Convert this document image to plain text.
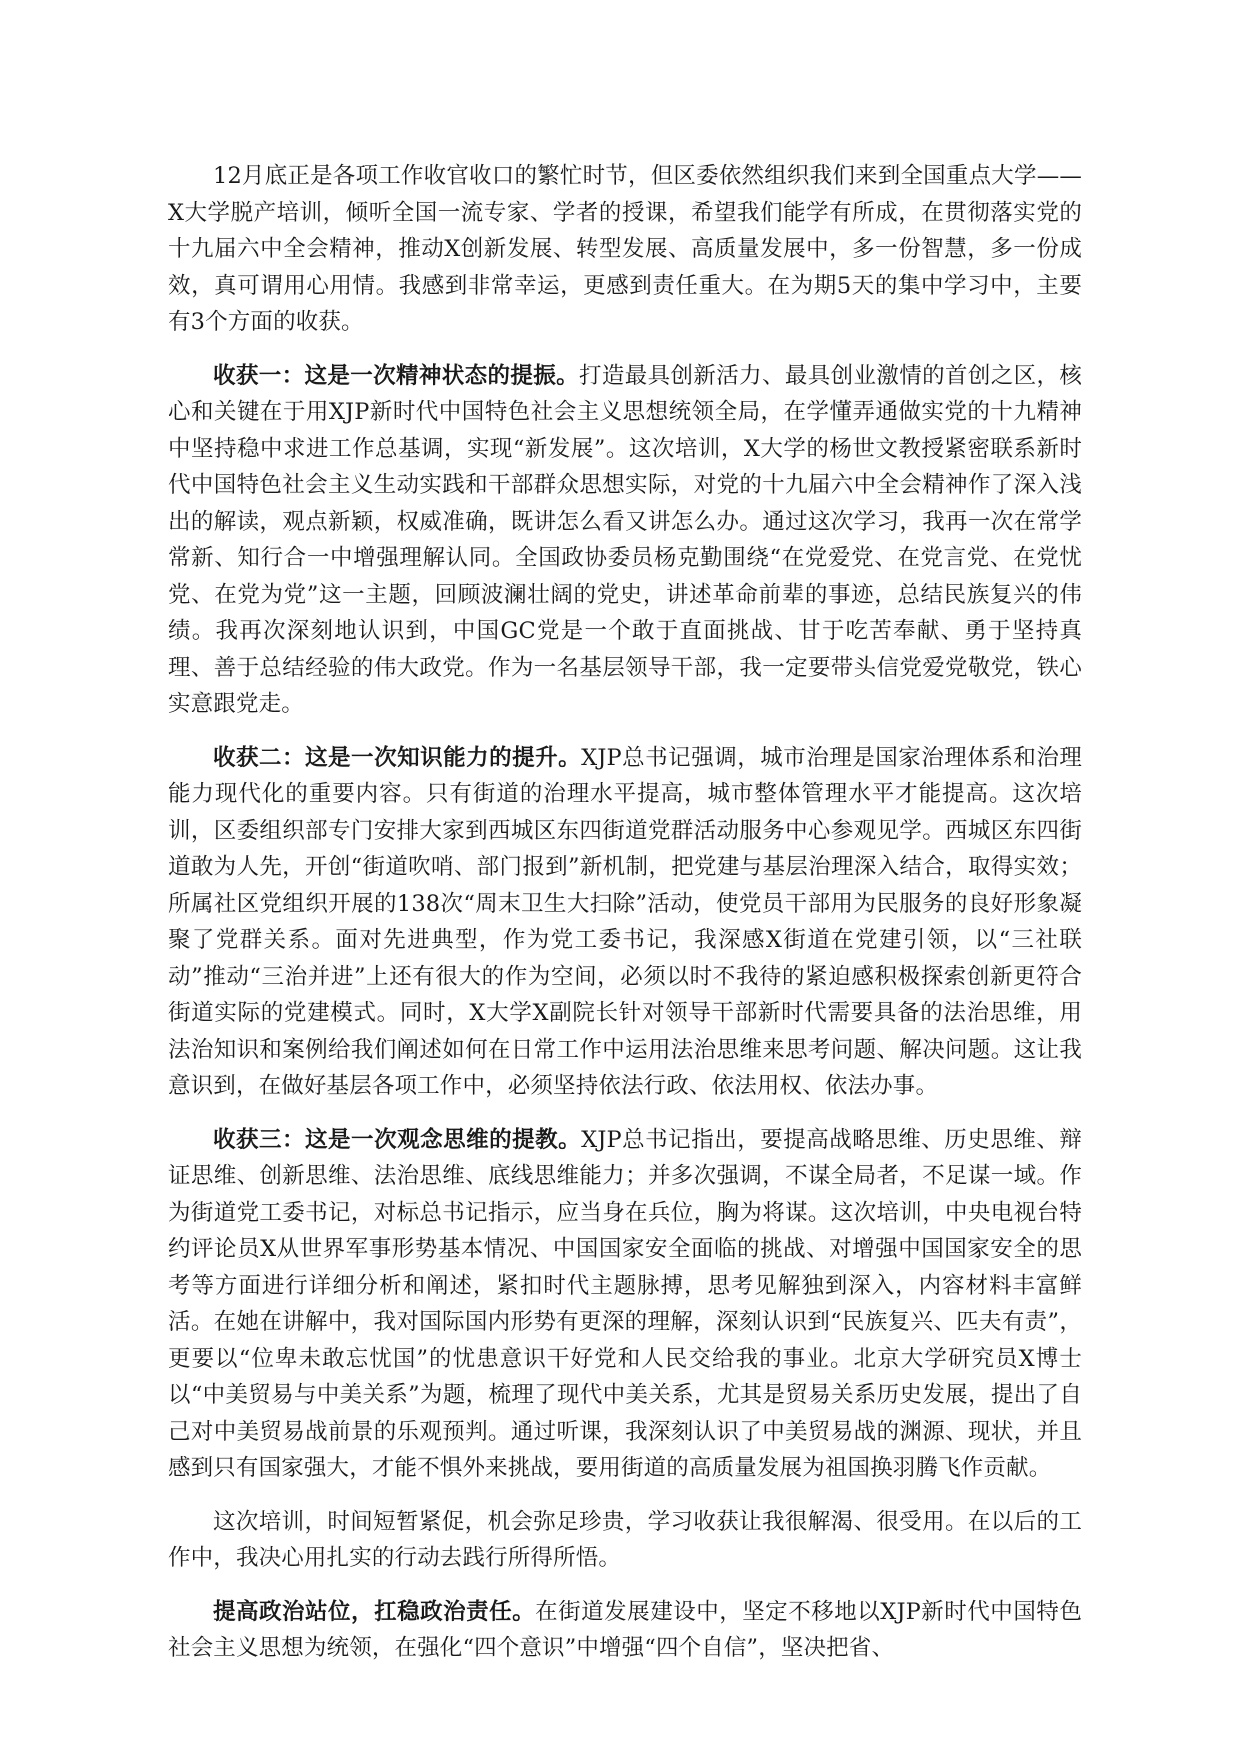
12月底正是各项工作收官收口的繁忙时节，但区委依然组织我们来到全国重点大学——X大学脱产培训，倾听全国一流专家、学者的授课，希望我们能学有所成，在贯彻落实党的十九届六中全会精神，推动X创新发展、转型发展、高质量发展中，多一份智慧，多一份成效，真可谓用心用情。我感到非常幸运，更感到责任重大。在为期5天的集中学习中，主要有3个方面的收获。

收获一：这是一次精神状态的提振。打造最具创新活力、最具创业激情的首创之区，核心和关键在于用XJP新时代中国特色社会主义思想统领全局，在学懂弄通做实党的十九精神中坚持稳中求进工作总基调，实现“新发展”。这次培训，X大学的杨世文教授紧密联系新时代中国特色社会主义生动实践和干部群众思想实际，对党的十九届六中全会精神作了深入浅出的解读，观点新颖，权威准确，既讲怎么看又讲怎么办。通过这次学习，我再一次在常学常新、知行合一中增强理解认同。全国政协委员杨克勤围绕“在党爱党、在党言党、在党忧党、在党为党”这一主题，回顾波澜壮阔的党史，讲述革命前辈的事迹，总结民族复兴的伟绩。我再次深刻地认识到，中国GC党是一个敢于直面挑战、甘于吃苦奉献、勇于坚持真理、善于总结经验的伟大政党。作为一名基层领导干部，我一定要带头信党爱党敬党，铁心实意跟党走。

收获二：这是一次知识能力的提升。XJP总书记强调，城市治理是国家治理体系和治理能力现代化的重要内容。只有街道的治理水平提高，城市整体管理水平才能提高。这次培训，区委组织部专门安排大家到西城区东四街道党群活动服务中心参观见学。西城区东四街道敢为人先，开创“街道吹哨、部门报到”新机制，把党建与基层治理深入结合，取得实效；所属社区党组织开展的138次“周末卫生大扫除”活动，使党员干部用为民服务的良好形象凝聚了党群关系。面对先进典型，作为党工委书记，我深感X街道在党建引领，以“三社联动”推动“三治并进”上还有很大的作为空间，必须以时不我待的紧迫感积极探索创新更符合街道实际的党建模式。同时，X大学X副院长针对领导干部新时代需要具备的法治思维，用法治知识和案例给我们阐述如何在日常工作中运用法治思维来思考问题、解决问题。这让我意识到，在做好基层各项工作中，必须坚持依法行政、依法用权、依法办事。

收获三：这是一次观念思维的提教。XJP总书记指出，要提高战略思维、历史思维、辩证思维、创新思维、法治思维、底线思维能力；并多次强调，不谋全局者，不足谋一域。作为街道党工委书记，对标总书记指示，应当身在兵位，胸为将谋。这次培训，中央电视台特约评论员X从世界军事形势基本情况、中国国家安全面临的挑战、对增强中国国家安全的思考等方面进行详细分析和阐述，紧扣时代主题脉搏，思考见解独到深入，内容材料丰富鲜活。在她在讲解中，我对国际国内形势有更深的理解，深刻认识到“民族复兴、匹夫有责”，更要以“位卑未敢忘忧国”的忧患意识干好党和人民交给我的事业。北京大学研究员X博士以“中美贸易与中美关系”为题，梳理了现代中美关系，尤其是贸易关系历史发展，提出了自己对中美贸易战前景的乐观预判。通过听课，我深刻认识了中美贸易战的渊源、现状，并且感到只有国家强大，才能不惧外来挑战，要用街道的高质量发展为祖国换羽腾飞作贡献。

这次培训，时间短暂紧促，机会弥足珍贵，学习收获让我很解渴、很受用。在以后的工作中，我决心用扎实的行动去践行所得所悟。

提高政治站位，扛稳政治责任。在街道发展建设中，坚定不移地以XJP新时代中国特色社会主义思想为统领，在强化“四个意识”中增强“四个自信”，坚决把省、
